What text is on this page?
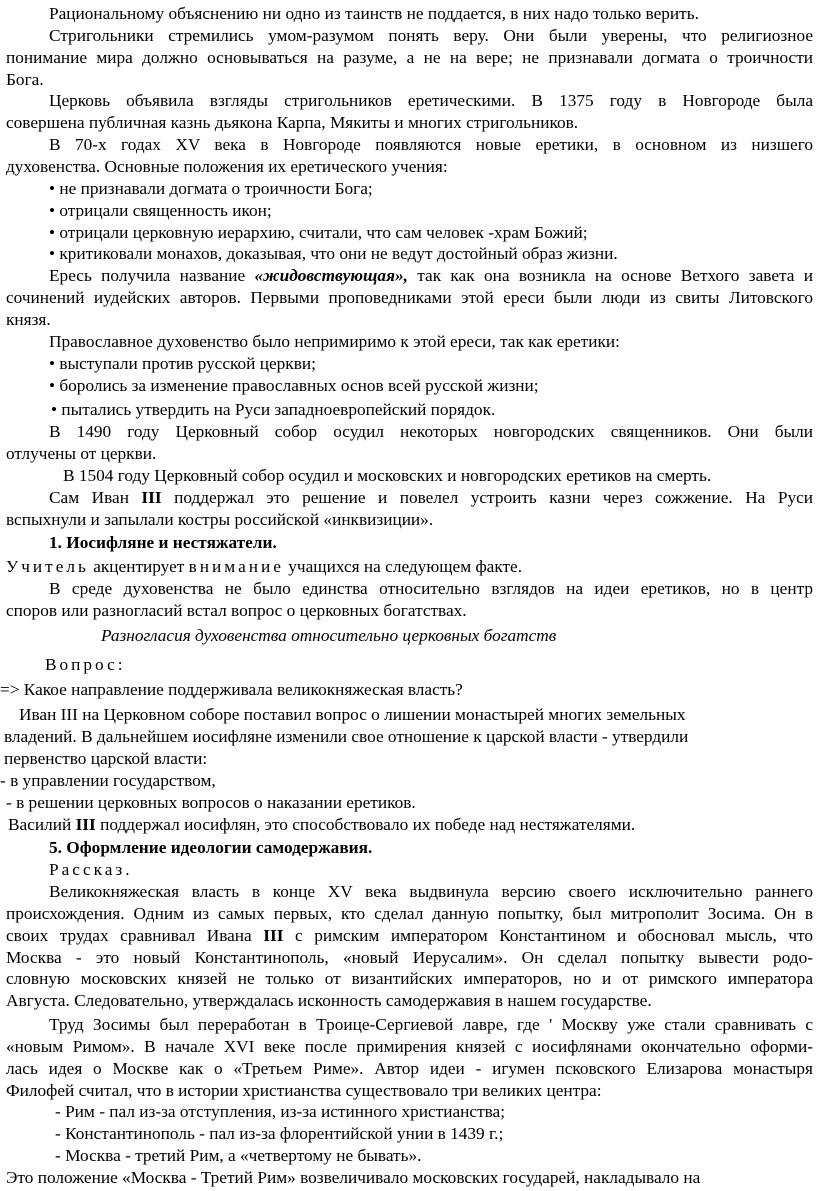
Рациональному объяснению ни одно из таинств не поддается, в них надо только верить.

Стригольники стремились умом-разумом понять веру. Они были уверены, что религиозное

понимание мира должно основываться на разуме, а не на вере; не признавали догмата о троичности

Бога.

Церковь объявила взгляды стригольников еретическими. В 1375 году в Новгороде была

совершена публичная казнь дьякона Карпа, Мякиты и многих стригольников.

В 70-х годах XV века в Новгороде появляются новые еретики, в основном из низшего

духовенства. Основные положения их еретического учения:

• не признавали догмата о троичности Бога;

• отрицали священность икон;

• отрицали церковную иерархию, считали, что сам человек -храм Божий;

• критиковали монахов, доказывая, что они не ведут достойный образ жизни.

Ересь получила название «жидовствующая», так как она возникла на основе Ветхого завета и

сочинений иудейских авторов. Первыми проповедниками этой ереси были люди из свиты Литовского

князя.

Православное духовенство было непримиримо к этой ереси, так как еретики:

• выступали против русской церкви;

• боролись за изменение православных основ всей русской жизни;

• пытались утвердить на Руси западноевропейский порядок.

В 1490 году Церковный собор осудил некоторых новгородских священников. Они были

отлучены от церкви.

В 1504 году Церковный собор осудил и московских и новгородских еретиков на смерть.

Сам Иван III поддержал это решение и повелел устроить казни через сожжение. На Руси

вспыхнули и запылали костры российской «инквизиции».

1. Иосифляне и нестяжатели.

Учитель акцентирует внимание учащихся на следующем факте.

В среде духовенства не было единства относительно взглядов на идеи еретиков, но в центр

споров или разногласий встал вопрос о церковных богатствах.

Разногласия духовенства относительно церковных богатств

Вопрос:

=> Какое направление поддерживала великокняжеская власть?

Иван III на Церковном соборе поставил вопрос о лишении монастырей многих земельных

владений. В дальнейшем иосифляне изменили свое отношение к царской власти - утвердили

первенство царской власти:

- в управлении государством,

- в решении церковных вопросов о наказании еретиков.

Василий III поддержал иосифлян, это способствовало их победе над нестяжателями.

5. Оформление идеологии самодержавия.

Рассказ.

Великокняжеская власть в конце XV века выдвинула версию своего исключительно раннего

происхождения. Одним из самых первых, кто сделал данную попытку, был митрополит Зосима. Он в

своих трудах сравнивал Ивана III с римским императором Константином и обосновал мысль, что

Москва - это новый Константинополь, «новый Иерусалим». Он сделал попытку вывести родо-

словную московских князей не только от византийских императоров, но и от римского императора

Августа. Следовательно, утверждалась исконность самодержавия в нашем государстве.

Труд Зосимы был переработан в Троице-Сергиевой лавре, где ' Москву уже стали сравнивать с

«новым Римом». В начале XVI веке после примирения князей с иосифлянами окончательно оформи-

лась идея о Москве как о «Третьем Риме». Автор идеи - игумен псковского Елизарова монастыря

Филофей считал, что в истории христианства существовало три великих центра:

- Рим - пал из-за отступления, из-за истинного христианства;

- Константинополь - пал из-за флорентийской унии в 1439 г.;

- Москва - третий Рим, а «четвертому не бывать».

Это положение «Москва - Третий Рим» возвеличивало московских государей, накладывало на
